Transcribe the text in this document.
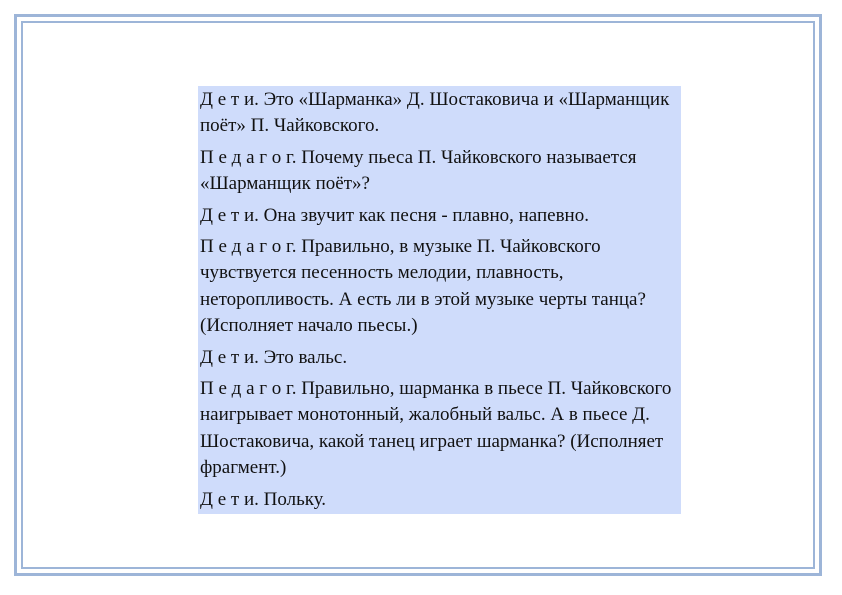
Д е т и. Это «Шарманка» Д. Шостаковича и «Шарманщик поёт» П. Чайковского.

П е д а г о г. Почему пьеса П. Чайковского называется «Шарманщик поёт»?

Д е т и. Она звучит как песня - плавно, напевно.

П е д а г о г. Правильно, в музыке П. Чайковского чувствуется песенность мелодии, плавность, неторопливость. А есть ли в этой музыке черты танца? (Исполняет начало пьесы.)

Д е т и. Это вальс.

П е д а г о г. Правильно, шарманка в пьесе П. Чайковского наигрывает монотонный, жалобный вальс. А в пьесе Д. Шостаковича, какой танец играет шарманка? (Исполняет фрагмент.)

Д е т и. Польку.
